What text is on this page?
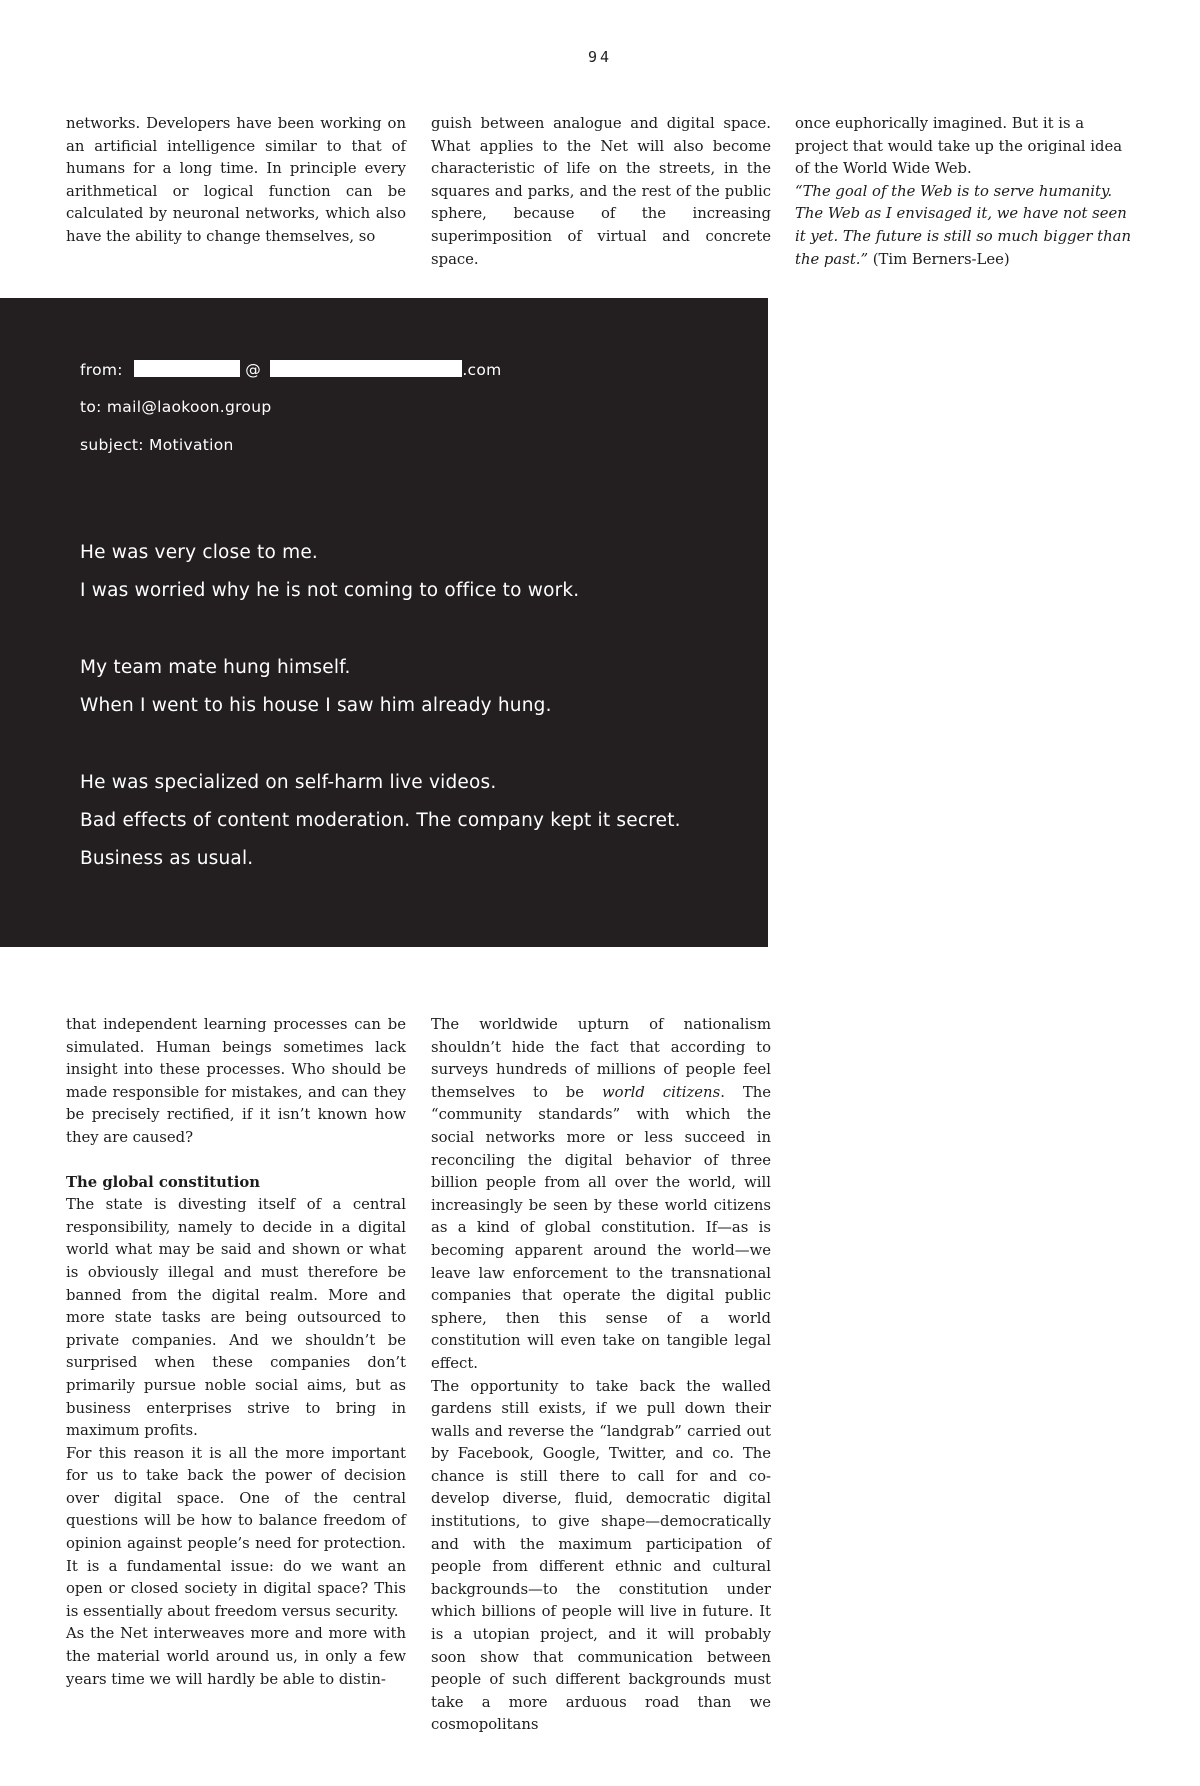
94

networks. Developers have been working on an artificial intelligence similar to that of humans for a long time. In principle every arithmetical or logical function can be calculated by neuronal networks, which also have the ability to change themselves, so

guish between analogue and digital space. What applies to the Net will also become characteristic of life on the streets, in the squares and parks, and the rest of the public sphere, because of the increasing superimposition of virtual and concrete space.

once euphorically imagined. But it is a project that would take up the original idea of the World Wide Web.

“The goal of the Web is to serve humanity. The Web as I envisaged it, we have not seen it yet. The future is still so much bigger than the past.” (Tim Berners-Lee)

from:	@	.com
to: mail@laokoon.group
subject: Motivation
He was very close to me.
I was worried why he is not coming to office to work.
My team mate hung himself.
When I went to his house I saw him already hung.
He was specialized on self-harm live videos.
Bad effects of content moderation. The company kept it secret.
Business as usual.

that independent learning processes can be simulated. Human beings sometimes lack insight into these processes. Who should be made responsible for mistakes, and can they be precisely rectified, if it isn’t known how they are caused?

The global constitution

The state is divesting itself of a central responsibility, namely to decide in a digital world what may be said and shown or what is obviously illegal and must therefore be banned from the digital realm. More and more state tasks are being outsourced to private companies. And we shouldn’t be surprised when these companies don’t primarily pursue noble social aims, but as business enterprises strive to bring in maximum profits.

For this reason it is all the more important for us to take back the power of decision over digital space. One of the central questions will be how to balance freedom of opinion against people’s need for protection. It is a fundamental issue: do we want an open or closed society in digital space? This is essentially about freedom versus security.

As the Net interweaves more and more with the material world around us, in only a few years time we will hardly be able to distin-

The worldwide upturn of nationalism shouldn’t hide the fact that according to surveys hundreds of millions of people feel themselves to be world citizens. The “community standards” with which the social networks more or less succeed in reconciling the digital behavior of three billion people from all over the world, will increasingly be seen by these world citizens as a kind of global constitution. If—as is becoming apparent around the world—we leave law enforcement to the transnational companies that operate the digital public sphere, then this sense of a world constitution will even take on tangible legal effect.

The opportunity to take back the walled gardens still exists, if we pull down their walls and reverse the “landgrab” carried out by Facebook, Google, Twitter, and co. The chance is still there to call for and co-develop diverse, fluid, democratic digital institutions, to give shape—democratically and with the maximum participation of people from different ethnic and cultural backgrounds—to the constitution under which billions of people will live in future. It is a utopian project, and it will probably soon show that communication between people of such different backgrounds must take a more arduous road than we cosmopolitans
